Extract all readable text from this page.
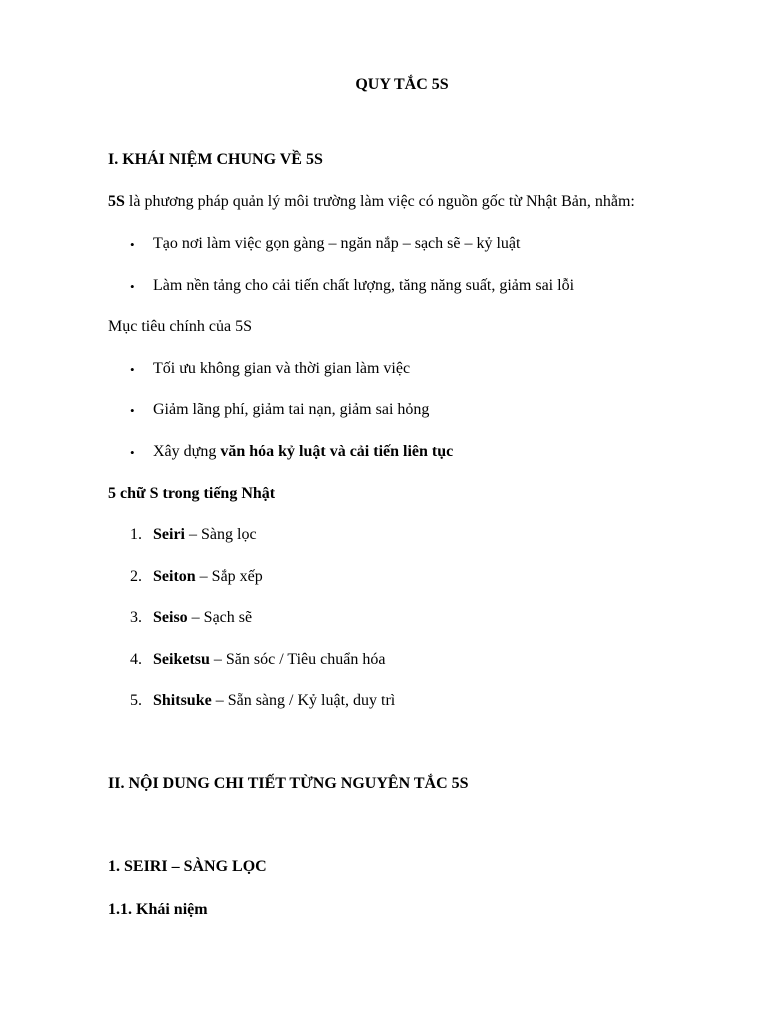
QUY TẮC 5S
I. KHÁI NIỆM CHUNG VỀ 5S
5S là phương pháp quản lý môi trường làm việc có nguồn gốc từ Nhật Bản, nhằm:
• Tạo nơi làm việc gọn gàng – ngăn nắp – sạch sẽ – kỷ luật
• Làm nền tảng cho cải tiến chất lượng, tăng năng suất, giảm sai lỗi
Mục tiêu chính của 5S
• Tối ưu không gian và thời gian làm việc
• Giảm lãng phí, giảm tai nạn, giảm sai hỏng
• Xây dựng văn hóa kỷ luật và cải tiến liên tục
5 chữ S trong tiếng Nhật
1. Seiri – Sàng lọc
2. Seiton – Sắp xếp
3. Seiso – Sạch sẽ
4. Seiketsu – Săn sóc / Tiêu chuẩn hóa
5. Shitsuke – Sẵn sàng / Kỷ luật, duy trì
II. NỘI DUNG CHI TIẾT TỪNG NGUYÊN TẮC 5S
1. SEIRI – SÀNG LỌC
1.1. Khái niệm
